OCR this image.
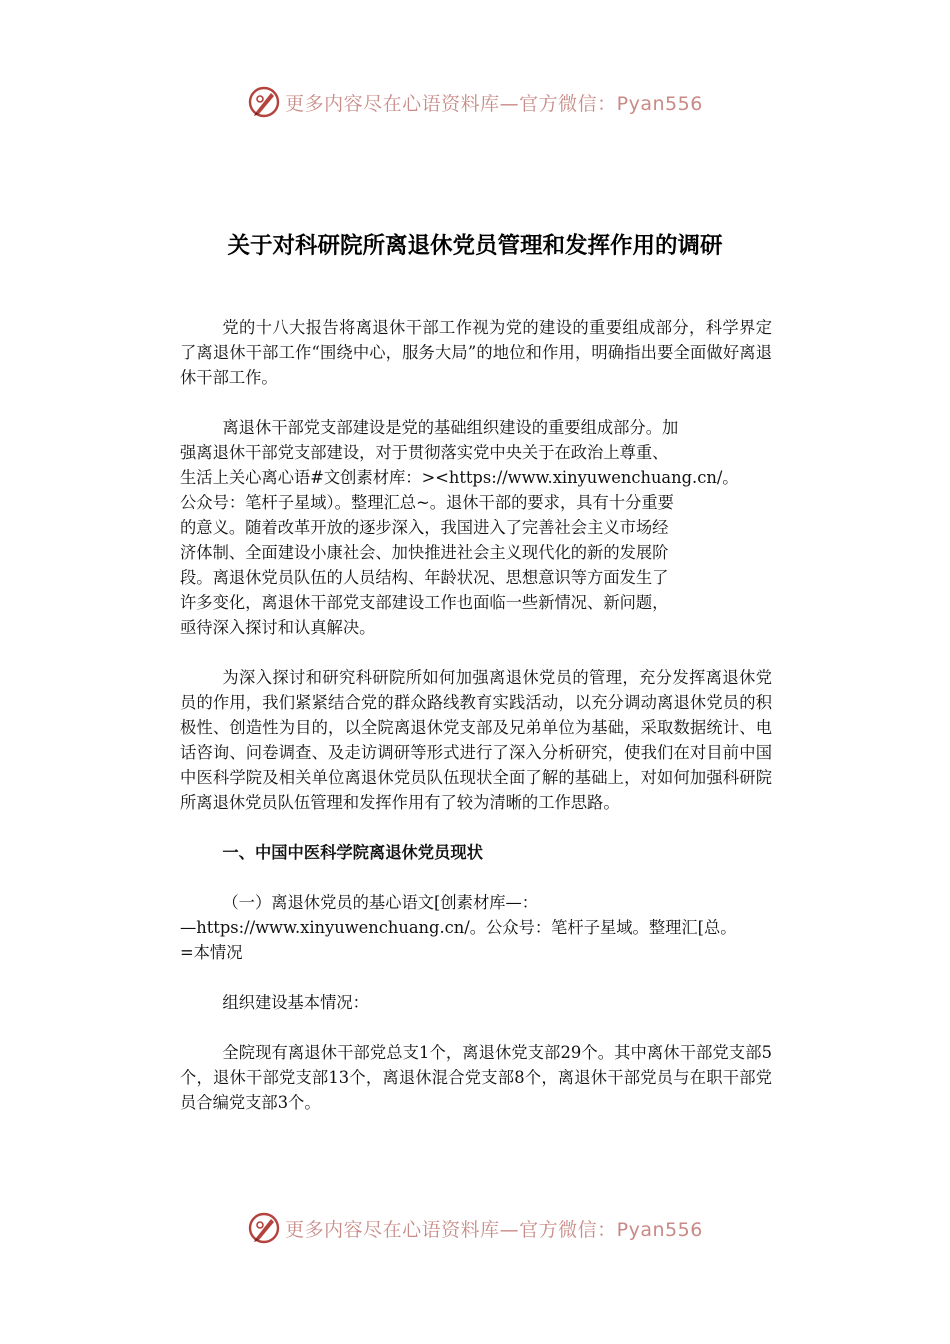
更多内容尽在心语资料库—官方微信：Pyan556
关于对科研院所离退休党员管理和发挥作用的调研

党的十八大报告将离退休干部工作视为党的建设的重要组成部分，科学界定了离退休干部工作“围绕中心，服务大局”的地位和作用，明确指出要全面做好离退休干部工作。

离退休干部党支部建设是党的基础组织建设的重要组成部分。加
强离退休干部党支部建设，对于贯彻落实党中央关于在政治上尊重、
生活上关心离心语#文创素材库：><https://www.xinyuwenchuang.cn/。
公众号：笔杆子星域）。整理汇总~。退休干部的要求，具有十分重要
的意义。随着改革开放的逐步深入，我国进入了完善社会主义市场经
济体制、全面建设小康社会、加快推进社会主义现代化的新的发展阶
段。离退休党员队伍的人员结构、年龄状况、思想意识等方面发生了
许多变化，离退休干部党支部建设工作也面临一些新情况、新问题，
亟待深入探讨和认真解决。

为深入探讨和研究科研院所如何加强离退休党员的管理，充分发挥离退休党员的作用，我们紧紧结合党的群众路线教育实践活动，以充分调动离退休党员的积极性、创造性为目的，以全院离退休党支部及兄弟单位为基础，采取数据统计、电话咨询、问卷调查、及走访调研等形式进行了深入分析研究，使我们在对目前中国中医科学院及相关单位离退休党员队伍现状全面了解的基础上，对如何加强科研院所离退休党员队伍管理和发挥作用有了较为清晰的工作思路。

一、中国中医科学院离退休党员现状

（一）离退休党员的基心语文[创素材库—：
—https://www.xinyuwenchuang.cn/。公众号：笔杆子星域。整理汇[总。
=本情况

组织建设基本情况：

全院现有离退休干部党总支1个，离退休党支部29个。其中离休干部党支部5个，退休干部党支部13个，离退休混合党支部8个，离退休干部党员与在职干部党员合编党支部3个。

更多内容尽在心语资料库—官方微信：Pyan556
